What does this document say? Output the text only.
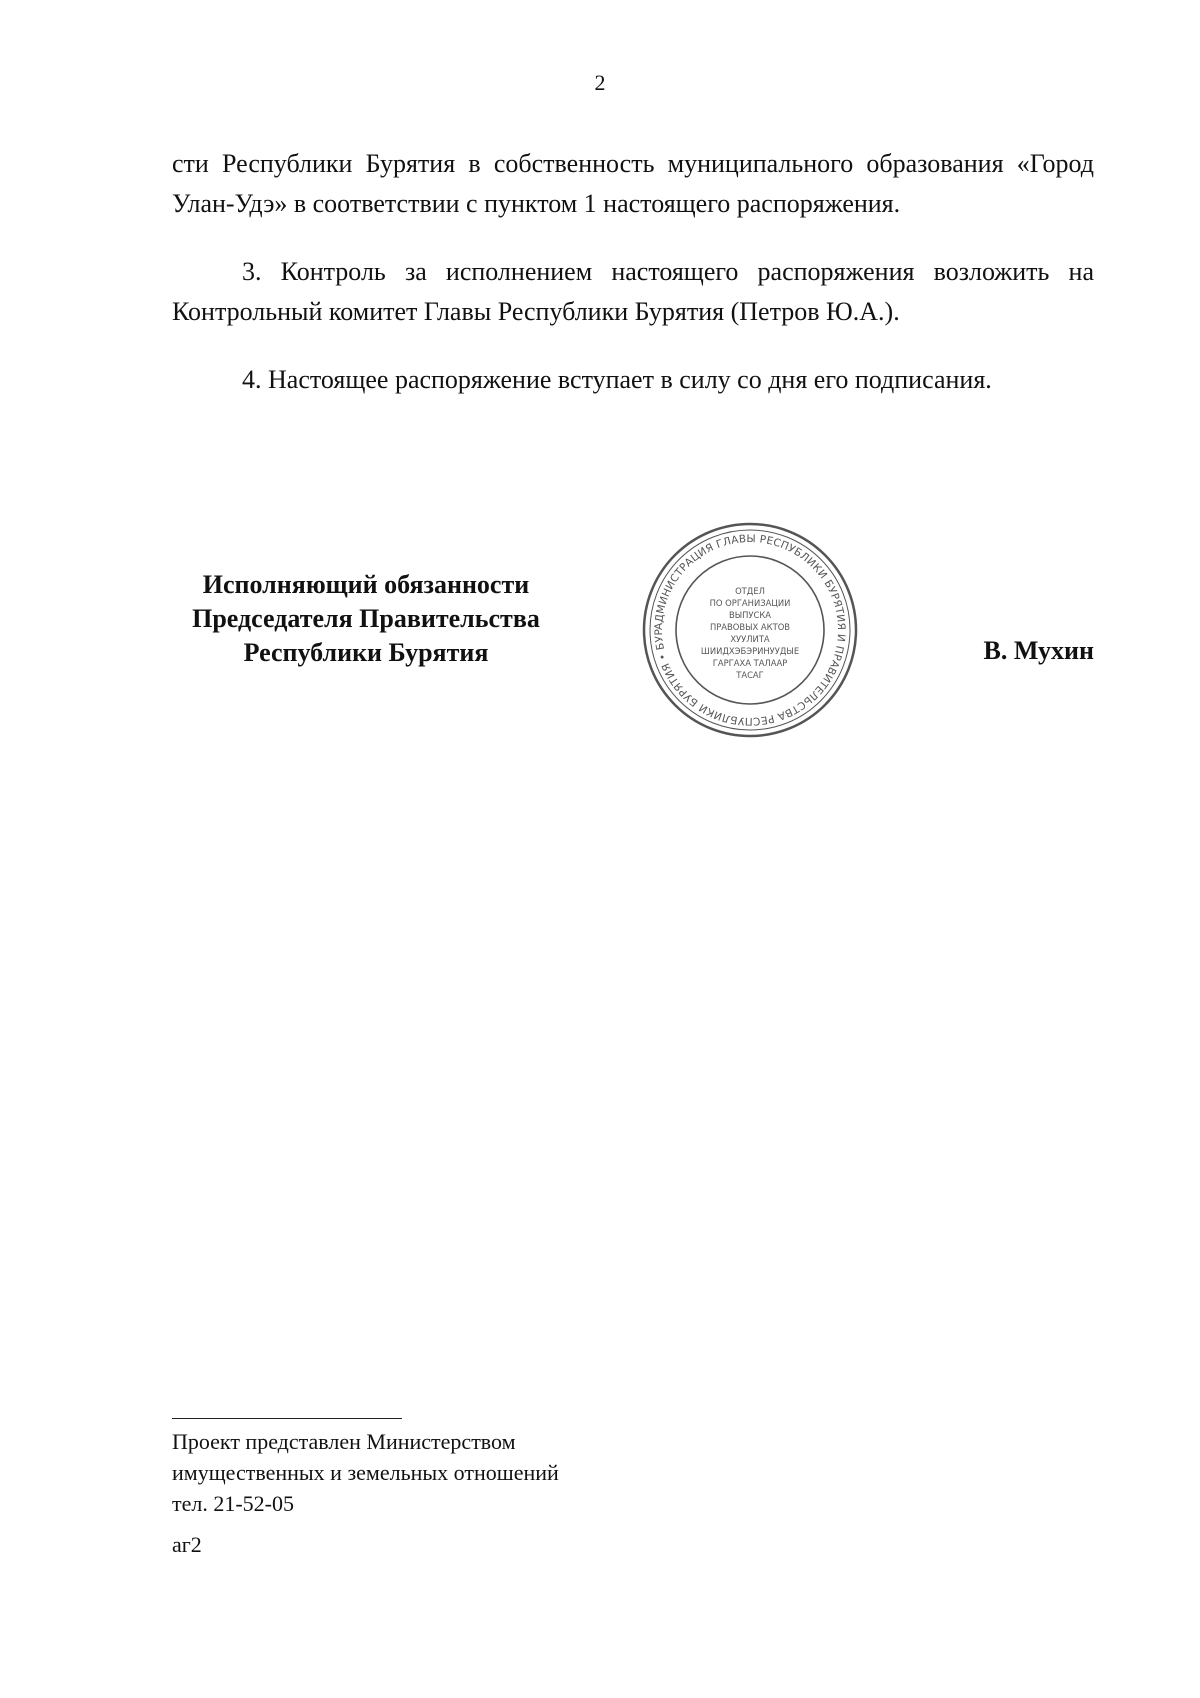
2

сти Республики Бурятия в собственность муниципального образования «Город Улан-Удэ» в соответствии с пунктом 1 настоящего распоряжения.

3. Контроль за исполнением настоящего распоряжения возложить на Контрольный комитет Главы Республики Бурятия (Петров Ю.А.).

4. Настоящее распоряжение вступает в силу со дня его подписания.

Исполняющий обязанности
Председателя Правительства
Республики Бурятия
АДМИНИСТРАЦИЯ ГЛАВЫ РЕСПУБЛИКИ БУРЯТИЯ И ПРАВИТЕЛЬСТВА РЕСПУБЛИКИ БУРЯТИЯ • БУР
ОТДЕЛ
ПО ОРГАНИЗАЦИИ
ВЫПУСКА
ПРАВОВЫХ АКТОВ
ХУУЛИТА
ШИИДХЭБЭРИНУУДЫЕ
ГАРГАХА ТАЛААР
ТАСАГ
В. Мухин
Проект представлен Министерством
имущественных и земельных отношений
тел. 21-52-05
аг2
